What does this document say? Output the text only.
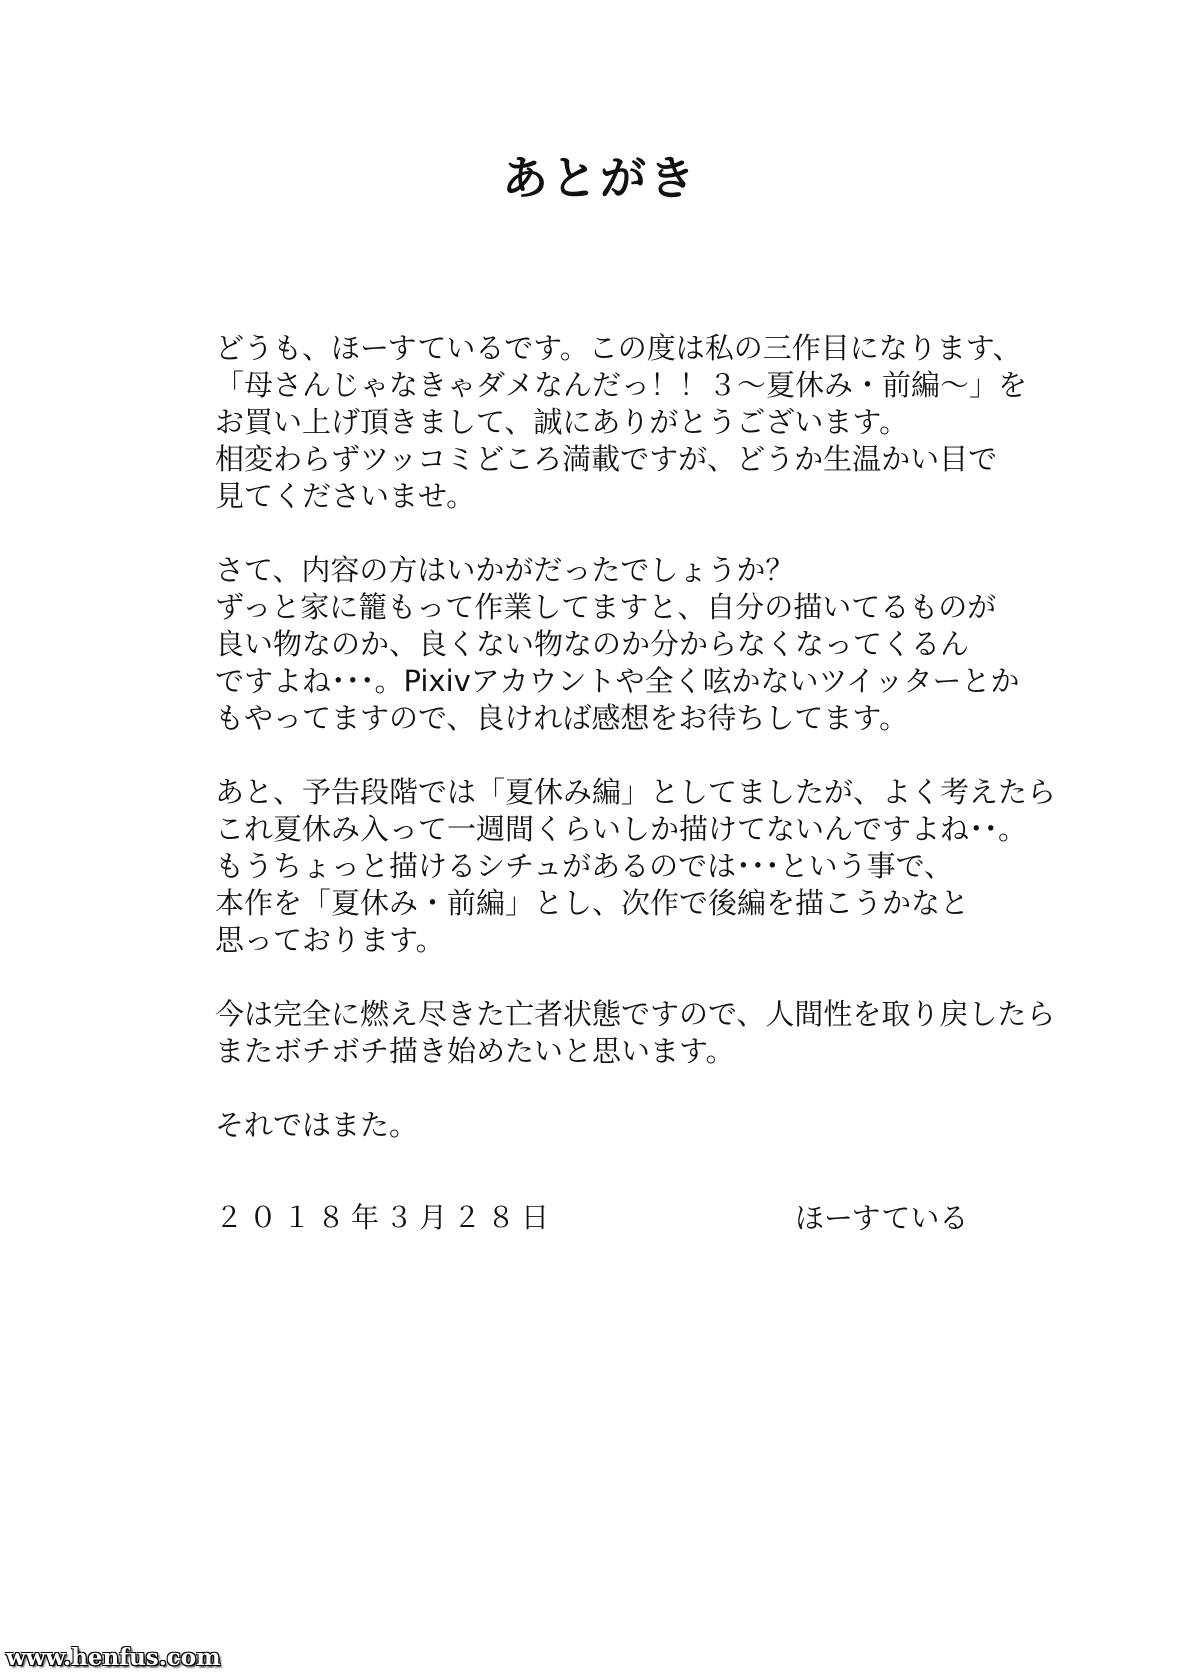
あとがき
どうも、ほーすているです。この度は私の三作目になります、
「母さんじゃなきゃダメなんだっ！！３〜夏休み・前編〜」を
お買い上げ頂きまして、誠にありがとうございます。
相変わらずツッコミどころ満載ですが、どうか生温かい目で
見てくださいませ。
さて、内容の方はいかがだったでしょうか？
ずっと家に籠もって作業してますと、自分の描いてるものが
良い物なのか、良くない物なのか分からなくなってくるん
ですよね･･･。Pixivアカウントや全く呟かないツイッターとか
もやってますので、良ければ感想をお待ちしてます。
あと、予告段階では「夏休み編」としてましたが、よく考えたら
これ夏休み入って一週間くらいしか描けてないんですよね･･。
もうちょっと描けるシチュがあるのでは･･･という事で、
本作を「夏休み・前編」とし、次作で後編を描こうかなと
思っております。
今は完全に燃え尽きた亡者状態ですので、人間性を取り戻したら
またボチボチ描き始めたいと思います。
それではまた。
２０１８年３月２８日	ほーすている
www.henfus.com
